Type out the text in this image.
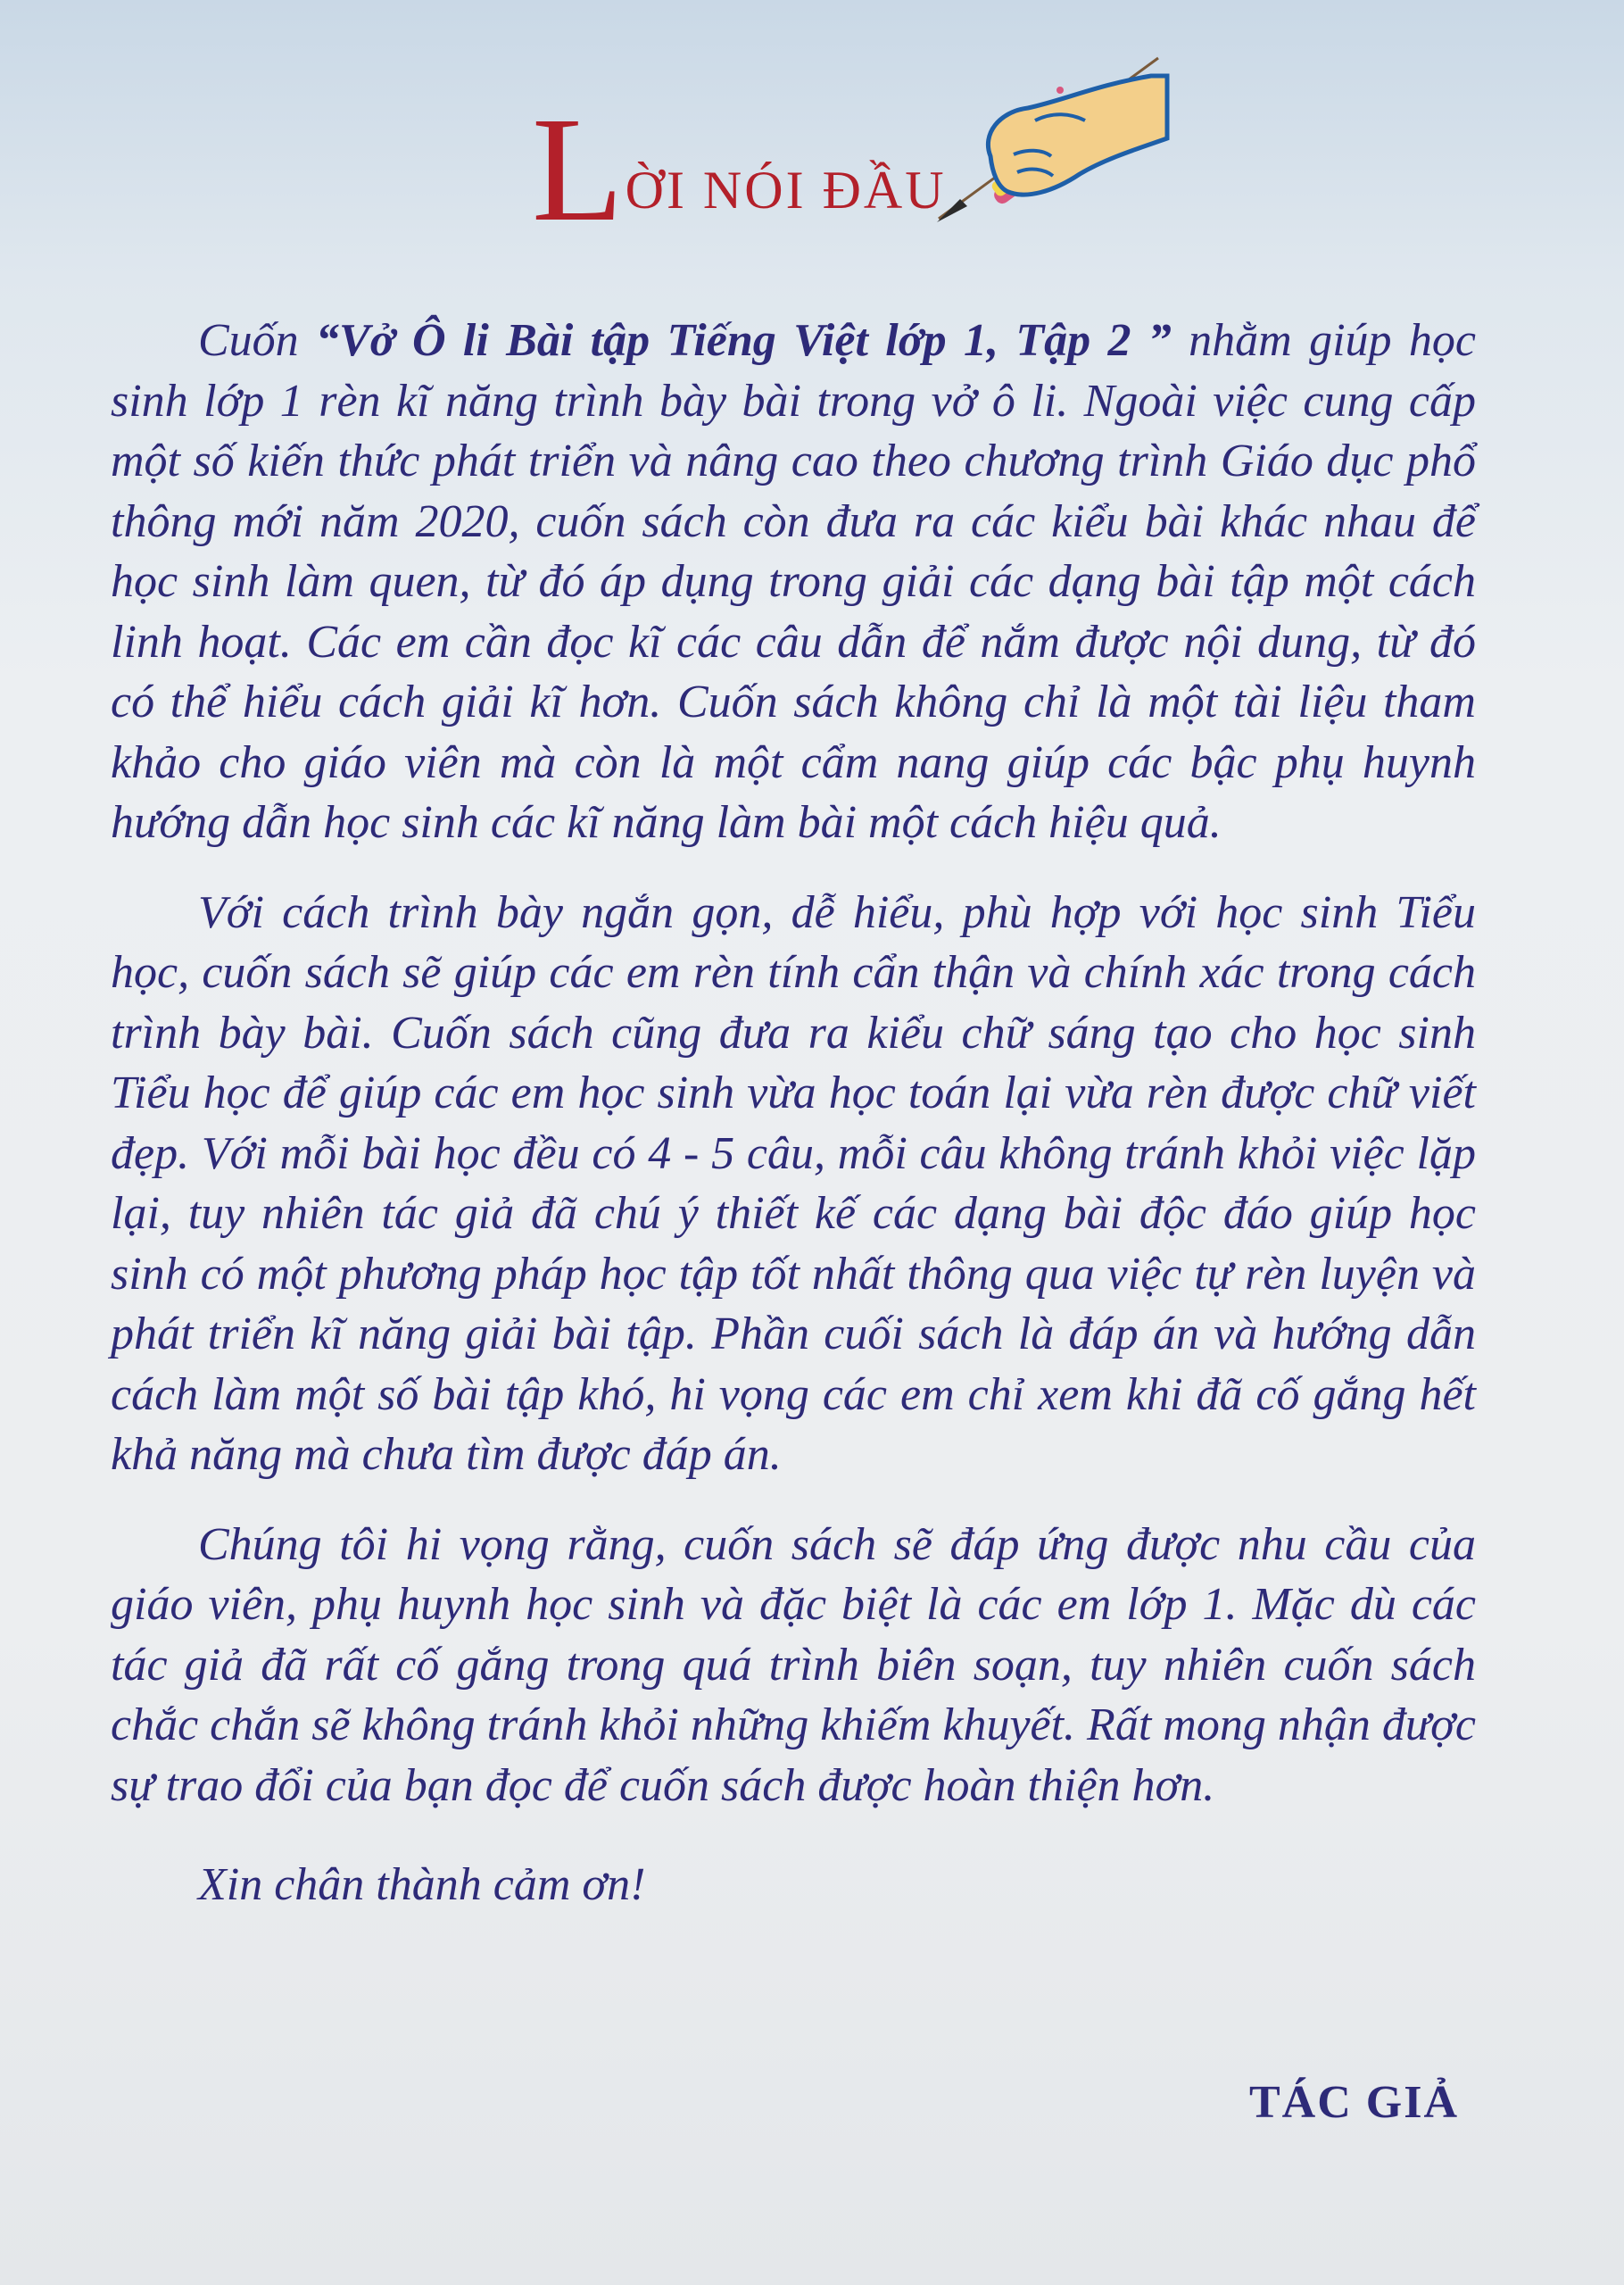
L ỜI NÓI ĐẦU

Cuốn “Vở Ô li Bài tập Tiếng Việt lớp 1, Tập 2 ” nhằm giúp học sinh lớp 1 rèn kĩ năng trình bày bài trong vở ô li. Ngoài việc cung cấp một số kiến thức phát triển và nâng cao theo chương trình Giáo dục phổ thông mới năm 2020, cuốn sách còn đưa ra các kiểu bài khác nhau để học sinh làm quen, từ đó áp dụng trong giải các dạng bài tập một cách linh hoạt. Các em cần đọc kĩ các câu dẫn để nắm được nội dung, từ đó có thể hiểu cách giải kĩ hơn. Cuốn sách không chỉ là một tài liệu tham khảo cho giáo viên mà còn là một cẩm nang giúp các bậc phụ huynh hướng dẫn học sinh các kĩ năng làm bài một cách hiệu quả.

Với cách trình bày ngắn gọn, dễ hiểu, phù hợp với học sinh Tiểu học, cuốn sách sẽ giúp các em rèn tính cẩn thận và chính xác trong cách trình bày bài. Cuốn sách cũng đưa ra kiểu chữ sáng tạo cho học sinh Tiểu học để giúp các em học sinh vừa học toán lại vừa rèn được chữ viết đẹp. Với mỗi bài học đều có 4 - 5 câu, mỗi câu không tránh khỏi việc lặp lại, tuy nhiên tác giả đã chú ý thiết kế các dạng bài độc đáo giúp học sinh có một phương pháp học tập tốt nhất thông qua việc tự rèn luyện và phát triển kĩ năng giải bài tập. Phần cuối sách là đáp án và hướng dẫn cách làm một số bài tập khó, hi vọng các em chỉ xem khi đã cố gắng hết khả năng mà chưa tìm được đáp án.

Chúng tôi hi vọng rằng, cuốn sách sẽ đáp ứng được nhu cầu của giáo viên, phụ huynh học sinh và đặc biệt là các em lớp 1. Mặc dù các tác giả đã rất cố gắng trong quá trình biên soạn, tuy nhiên cuốn sách chắc chắn sẽ không tránh khỏi những khiếm khuyết. Rất mong nhận được sự trao đổi của bạn đọc để cuốn sách được hoàn thiện hơn.

Xin chân thành cảm ơn!

TÁC GIẢ
